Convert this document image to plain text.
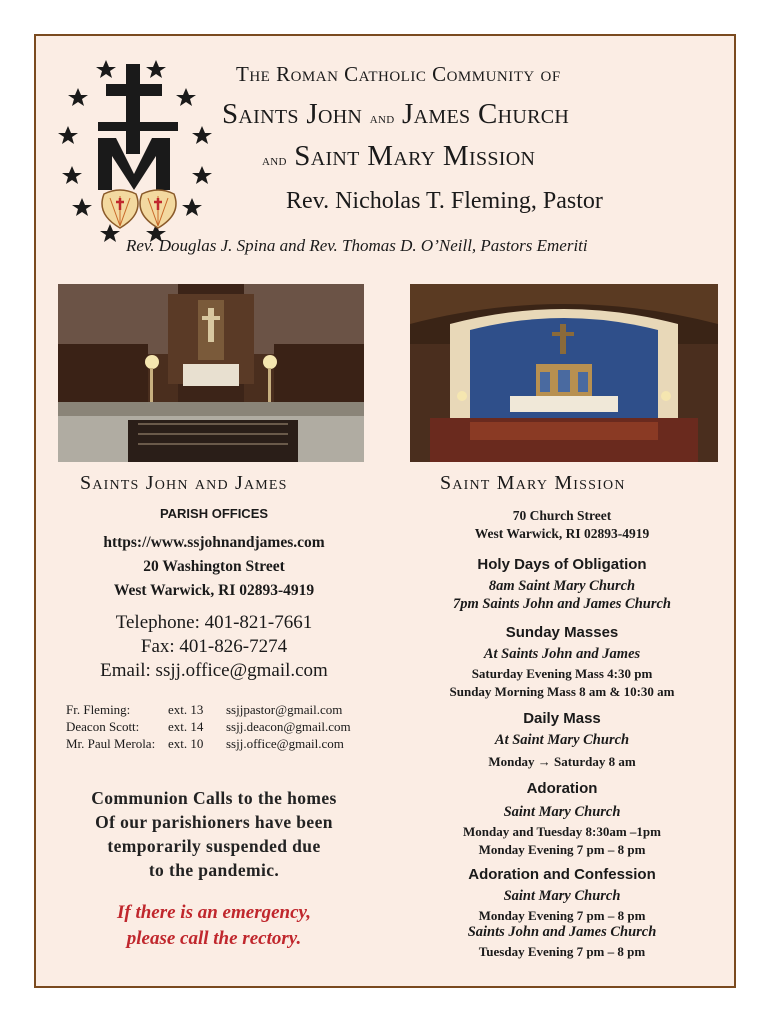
The Roman Catholic Community of
Saints John and James Church
and Saint Mary Mission
Rev. Nicholas T. Fleming, Pastor
Rev. Douglas J. Spina and Rev. Thomas D. O’Neill, Pastors Emeriti
Saints John and James	Saint Mary Mission
PARISH OFFICES
https://www.ssjohnandjames.com
20 Washington Street
West Warwick, RI 02893-4919
Telephone: 401-821-7661
Fax: 401-826-7274
Email: ssjj.office@gmail.com
Fr. Fleming:	ext. 13 ssjjpastor@gmail.com
Deacon Scott: ext. 14 ssjj.deacon@gmail.com
Mr. Paul Merola: ext. 10 ssjj.office@gmail.com
Communion Calls to the homes
Of our parishioners have been
temporarily suspended due
to the pandemic.
If there is an emergency,
please call the rectory.
70 Church Street
West Warwick, RI 02893-4919
Holy Days of Obligation
8am Saint Mary Church
7pm Saints John and James Church
Sunday Masses
At Saints John and James
Saturday Evening Mass 4:30 pm
Sunday Morning Mass 8 am & 10:30 am
Daily Mass
At Saint Mary Church
Monday → Saturday 8 am
Adoration
Saint Mary Church
Monday and Tuesday 8:30am –1pm
Monday Evening 7 pm – 8 pm
Adoration and Confession
Saint Mary Church
Monday Evening 7 pm – 8 pm
Saints John and James Church
Tuesday Evening 7 pm – 8 pm
